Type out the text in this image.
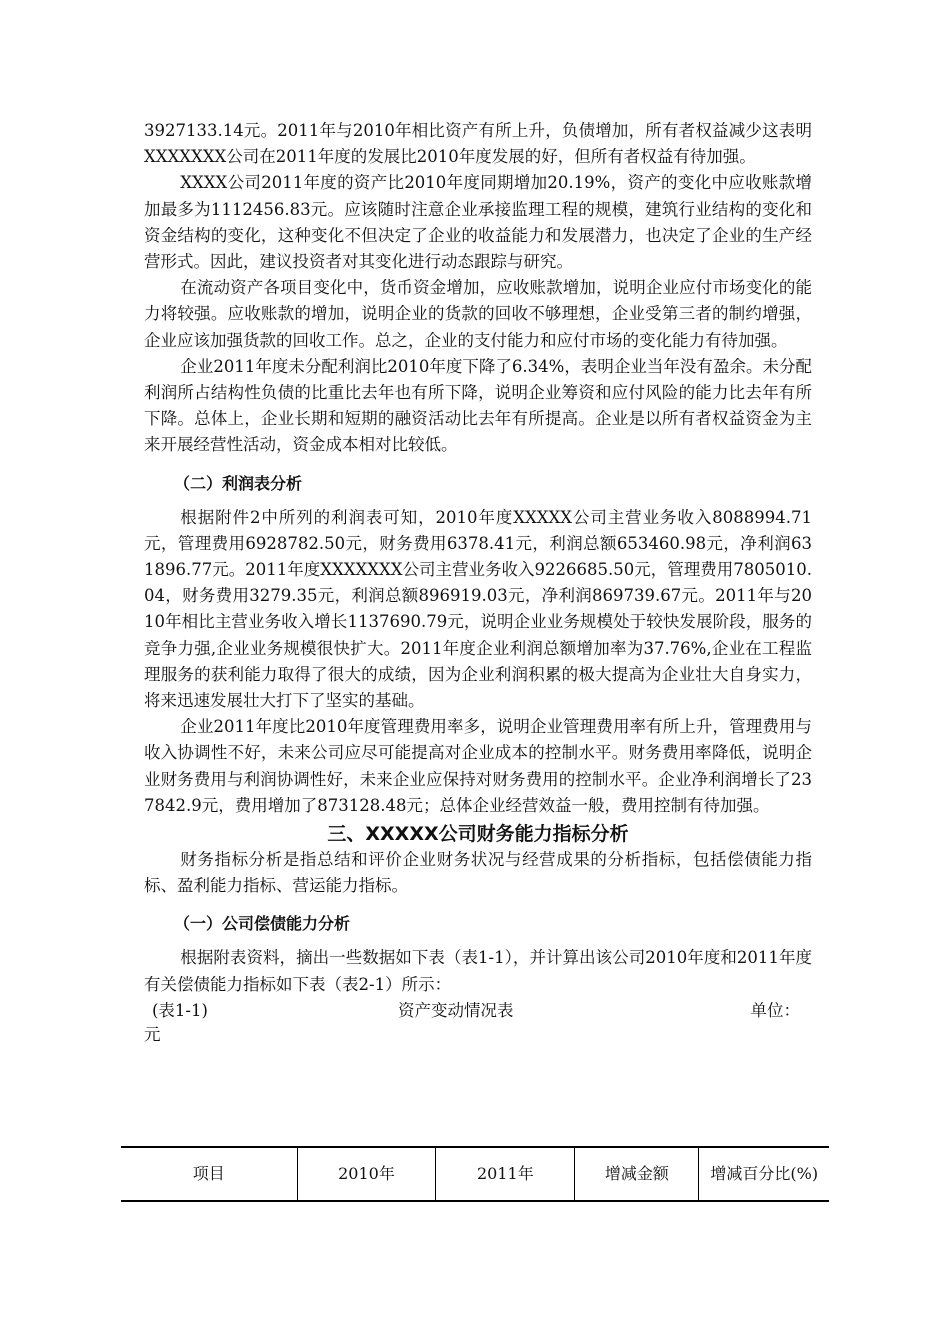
3927133.14元。2011年与2010年相比资产有所上升，负债增加，所有者权益减少这表明XXXXXXX公司在2011年度的发展比2010年度发展的好，但所有者权益有待加强。

XXXX公司2011年度的资产比2010年度同期增加20.19%，资产的变化中应收账款增加最多为1112456.83元。应该随时注意企业承接监理工程的规模，建筑行业结构的变化和资金结构的变化，这种变化不但决定了企业的收益能力和发展潜力，也决定了企业的生产经营形式。因此，建议投资者对其变化进行动态跟踪与研究。

在流动资产各项目变化中，货币资金增加，应收账款增加，说明企业应付市场变化的能力将较强。应收账款的增加，说明企业的货款的回收不够理想，企业受第三者的制约增强，企业应该加强货款的回收工作。总之，企业的支付能力和应付市场的变化能力有待加强。

企业2011年度未分配利润比2010年度下降了6.34%，表明企业当年没有盈余。未分配利润所占结构性负债的比重比去年也有所下降，说明企业筹资和应付风险的能力比去年有所下降。总体上，企业长期和短期的融资活动比去年有所提高。企业是以所有者权益资金为主来开展经营性活动，资金成本相对比较低。

（二）利润表分析

根据附件2中所列的利润表可知，2010年度XXXXX公司主营业务收入8088994.71元，管理费用6928782.50元，财务费用6378.41元，利润总额653460.98元，净利润631896.77元。2011年度XXXXXXX公司主营业务收入9226685.50元，管理费用7805010.04，财务费用3279.35元，利润总额896919.03元，净利润869739.67元。2011年与2010年相比主营业务收入增长1137690.79元，说明企业业务规模处于较快发展阶段，服务的竞争力强,企业业务规模很快扩大。2011年度企业利润总额增加率为37.76%,企业在工程监理服务的获利能力取得了很大的成绩，因为企业利润积累的极大提高为企业壮大自身实力，将来迅速发展壮大打下了坚实的基础。

企业2011年度比2010年度管理费用率多，说明企业管理费用率有所上升，管理费用与收入协调性不好，未来公司应尽可能提高对企业成本的控制水平。财务费用率降低，说明企业财务费用与利润协调性好，未来企业应保持对财务费用的控制水平。企业净利润增长了237842.9元，费用增加了873128.48元；总体企业经营效益一般，费用控制有待加强。

三、XXXXX公司财务能力指标分析

财务指标分析是指总结和评价企业财务状况与经营成果的分析指标，包括偿债能力指标、盈利能力指标、营运能力指标。

（一）公司偿债能力分析

根据附表资料，摘出一些数据如下表（表1-1），并计算出该公司2010年度和2011年度有关偿债能力指标如下表（表2-1）所示：

(表1-1)	资产变动情况表	单位：
元
项目	2010年	2011年	增减金额	增减百分比(%)
